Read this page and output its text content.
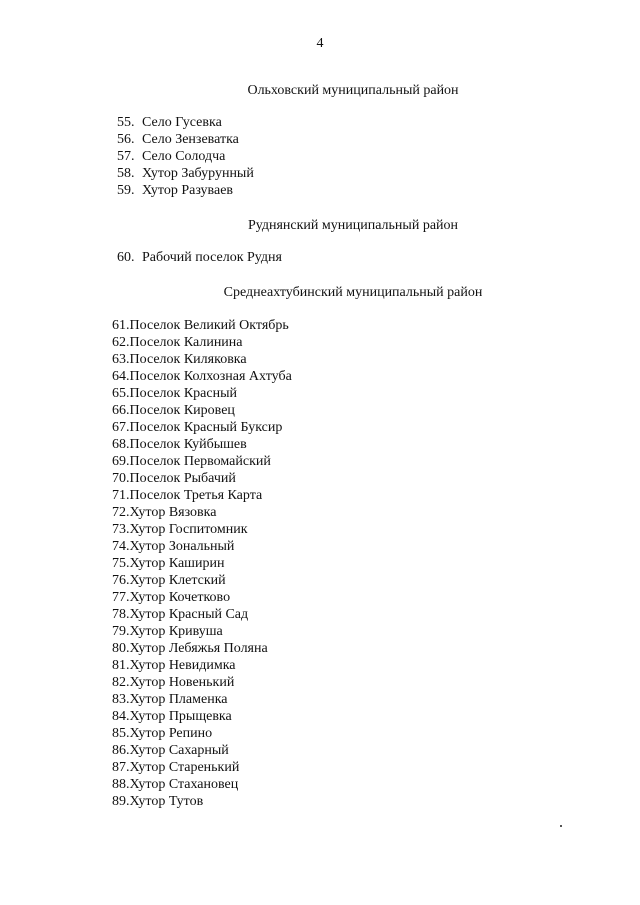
4
Ольховский муниципальный район
55. Село Гусевка
56. Село Зензеватка
57. Село Солодча
58. Хутор Забурунный
59. Хутор Разуваев
Руднянский муниципальный район
60. Рабочий поселок Рудня
Среднеахтубинский муниципальный район
61.Поселок Великий Октябрь
62.Поселок Калинина
63.Поселок Киляковка
64.Поселок Колхозная Ахтуба
65.Поселок Красный
66.Поселок Кировец
67.Поселок Красный Буксир
68.Поселок Куйбышев
69.Поселок Первомайский
70.Поселок Рыбачий
71.Поселок Третья Карта
72.Хутор Вязовка
73.Хутор Госпитомник
74.Хутор Зональный
75.Хутор Каширин
76.Хутор Клетский
77.Хутор Кочетково
78.Хутор Красный Сад
79.Хутор Кривуша
80.Хутор Лебяжья Поляна
81.Хутор Невидимка
82.Хутор Новенький
83.Хутор Пламенка
84.Хутор Прыщевка
85.Хутор Репино
86.Хутор Сахарный
87.Хутор Старенький
88.Хутор Стахановец
89.Хутор Тутов
